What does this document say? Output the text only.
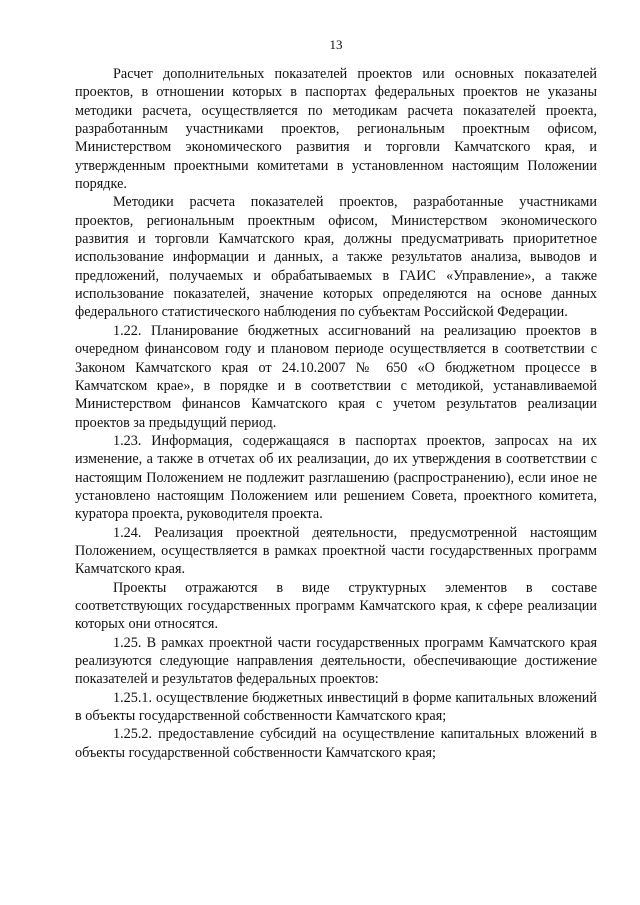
13

Расчет дополнительных показателей проектов или основных показателей проектов, в отношении которых в паспортах федеральных проектов не указаны методики расчета, осуществляется по методикам расчета показателей проекта, разработанным участниками проектов, региональным проектным офисом, Министерством экономического развития и торговли Камчатского края, и утвержденным проектными комитетами в установленном настоящим Положении порядке.

Методики расчета показателей проектов, разработанные участниками проектов, региональным проектным офисом, Министерством экономического развития и торговли Камчатского края, должны предусматривать приоритетное использование информации и данных, а также результатов анализа, выводов и предложений, получаемых и обрабатываемых в ГАИС «Управление», а также использование показателей, значение которых определяются на основе данных федерального статистического наблюдения по субъектам Российской Федерации.

1.22. Планирование бюджетных ассигнований на реализацию проектов в очередном финансовом году и плановом периоде осуществляется в соответствии с Законом Камчатского края от 24.10.2007 № 650 «О бюджетном процессе в Камчатском крае», в порядке и в соответствии с методикой, устанавливаемой Министерством финансов Камчатского края с учетом результатов реализации проектов за предыдущий период.

1.23. Информация, содержащаяся в паспортах проектов, запросах на их изменение, а также в отчетах об их реализации, до их утверждения в соответствии с настоящим Положением не подлежит разглашению (распространению), если иное не установлено настоящим Положением или решением Совета, проектного комитета, куратора проекта, руководителя проекта.

1.24. Реализация проектной деятельности, предусмотренной настоящим Положением, осуществляется в рамках проектной части государственных программ Камчатского края.

Проекты отражаются в виде структурных элементов в составе соответствующих государственных программ Камчатского края, к сфере реализации которых они относятся.

1.25. В рамках проектной части государственных программ Камчатского края реализуются следующие направления деятельности, обеспечивающие достижение показателей и результатов федеральных проектов:

1.25.1. осуществление бюджетных инвестиций в форме капитальных вложений в объекты государственной собственности Камчатского края;

1.25.2. предоставление субсидий на осуществление капитальных вложений в объекты государственной собственности Камчатского края;
